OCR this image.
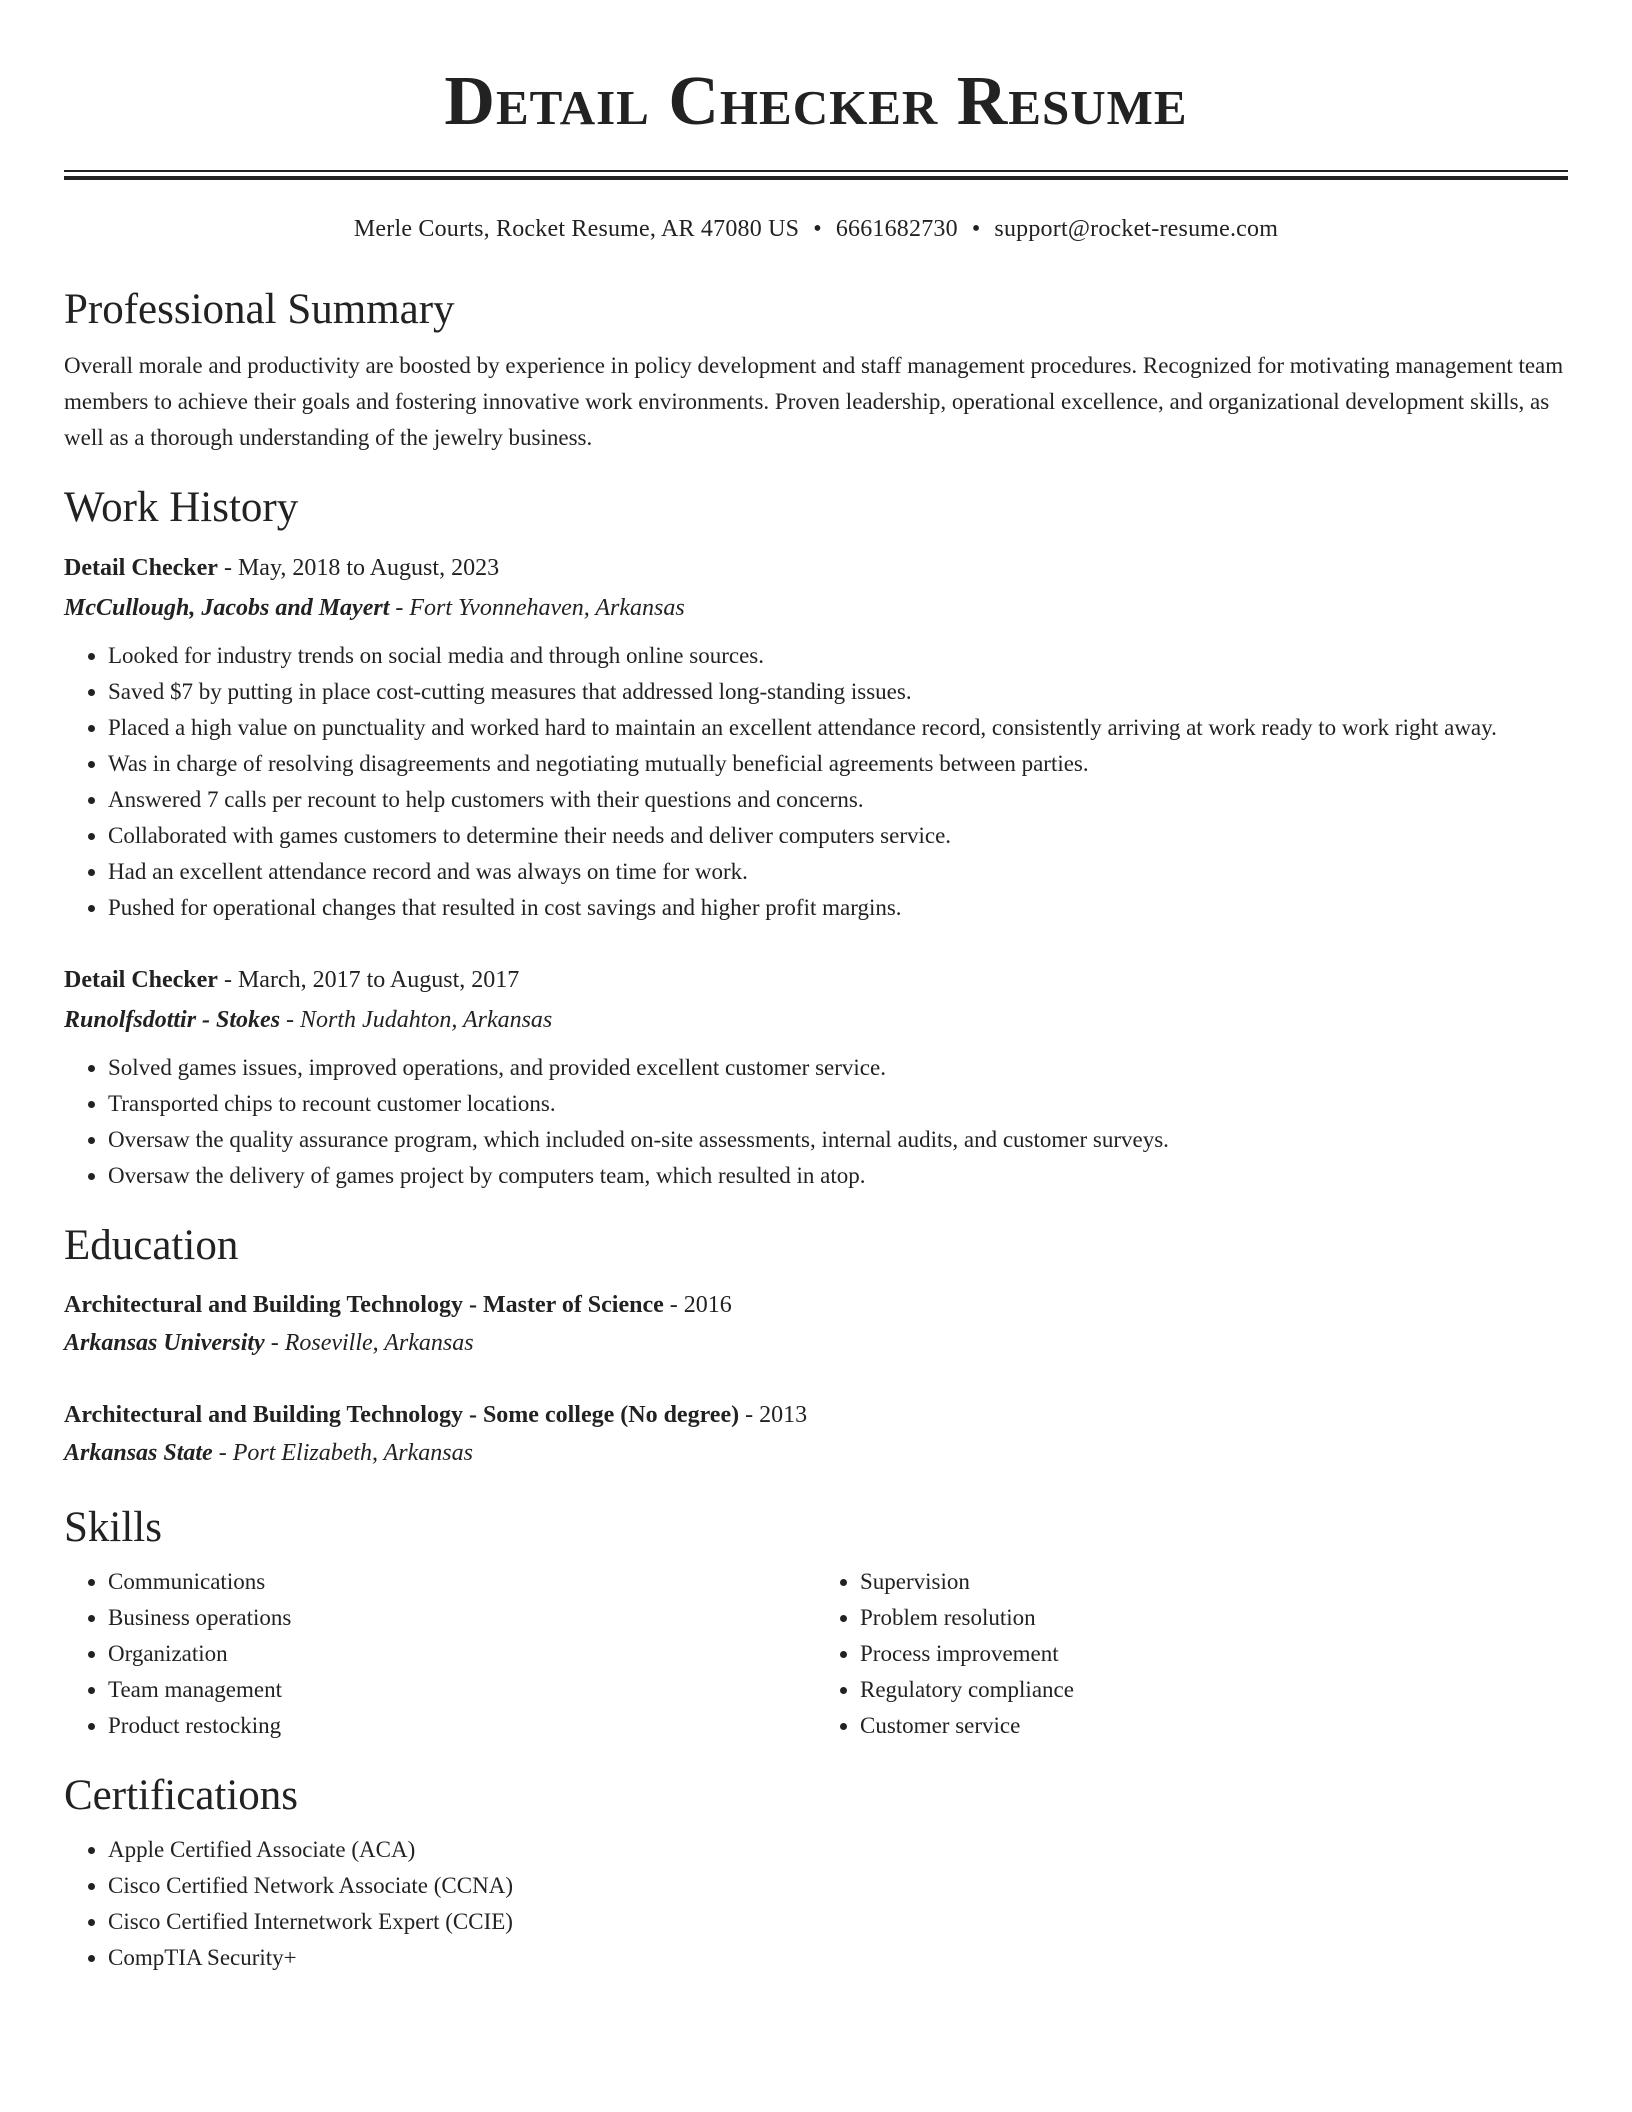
Detail Checker Resume
Merle Courts, Rocket Resume, AR 47080 US • 6661682730 • support@rocket-resume.com
Professional Summary

Overall morale and productivity are boosted by experience in policy development and staff management procedures. Recognized for motivating management team members to achieve their goals and fostering innovative work environments. Proven leadership, operational excellence, and organizational development skills, as well as a thorough understanding of the jewelry business.

Work History
Detail Checker - May, 2018 to August, 2023
McCullough, Jacobs and Mayert - Fort Yvonnehaven, Arkansas
• Looked for industry trends on social media and through online sources.
• Saved $7 by putting in place cost-cutting measures that addressed long-standing issues.
• Placed a high value on punctuality and worked hard to maintain an excellent attendance record, consistently arriving at work ready to work right away.
• Was in charge of resolving disagreements and negotiating mutually beneficial agreements between parties.
• Answered 7 calls per recount to help customers with their questions and concerns.
• Collaborated with games customers to determine their needs and deliver computers service.
• Had an excellent attendance record and was always on time for work.
• Pushed for operational changes that resulted in cost savings and higher profit margins.
Detail Checker - March, 2017 to August, 2017
Runolfsdottir - Stokes - North Judahton, Arkansas
• Solved games issues, improved operations, and provided excellent customer service.
• Transported chips to recount customer locations.
• Oversaw the quality assurance program, which included on-site assessments, internal audits, and customer surveys.
• Oversaw the delivery of games project by computers team, which resulted in atop.
Education
Architectural and Building Technology - Master of Science - 2016
Arkansas University - Roseville, Arkansas
Architectural and Building Technology - Some college (No degree) - 2013
Arkansas State - Port Elizabeth, Arkansas
Skills
• Communications
• Business operations
• Organization
• Team management
• Product restocking
• Supervision
• Problem resolution
• Process improvement
• Regulatory compliance
• Customer service
Certifications
• Apple Certified Associate (ACA)
• Cisco Certified Network Associate (CCNA)
• Cisco Certified Internetwork Expert (CCIE)
• CompTIA Security+
